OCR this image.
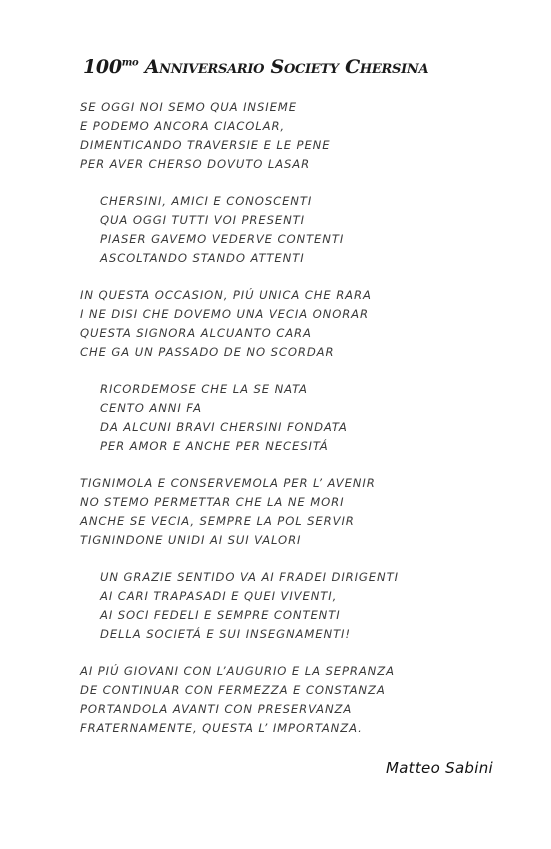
$100^{mo}$ Anniversario Society Chersina
SE OGGI NOI SEMO QUA INSIEME
E PODEMO ANCORA CIACOLAR,
DIMENTICANDO TRAVERSIE E LE PENE
PER AVER CHERSO DOVUTO LASAR
CHERSINI, AMICI E CONOSCENTI
QUA OGGI TUTTI VOI PRESENTI
PIASER GAVEMO VEDERVE CONTENTI
ASCOLTANDO STANDO ATTENTI
IN QUESTA OCCASION, PIÚ UNICA CHE RARA
I NE DISI CHE DOVEMO UNA VECIA ONORAR
QUESTA SIGNORA ALCUANTO CARA
CHE GA UN PASSADO DE NO SCORDAR
RICORDEMOSE CHE LA SE NATA
CENTO ANNI FA
DA ALCUNI BRAVI CHERSINI FONDATA
PER AMOR E ANCHE PER NECESITÁ
TIGNIMOLA E CONSERVEMOLA PER L’ AVENIR
NO STEMO PERMETTAR CHE LA NE MORI
ANCHE SE VECIA, SEMPRE LA POL SERVIR
TIGNINDONE UNIDI AI SUI VALORI
UN GRAZIE SENTIDO VA AI FRADEI DIRIGENTI
AI CARI TRAPASADI E QUEI VIVENTI,
AI SOCI FEDELI E SEMPRE CONTENTI
DELLA SOCIETÁ E SUI INSEGNAMENTI!
AI PIÚ GIOVANI CON L’AUGURIO E LA SEPRANZA
DE CONTINUAR CON FERMEZZA E CONSTANZA
PORTANDOLA AVANTI CON PRESERVANZA
FRATERNAMENTE, QUESTA L’ IMPORTANZA.
Matteo Sabini
